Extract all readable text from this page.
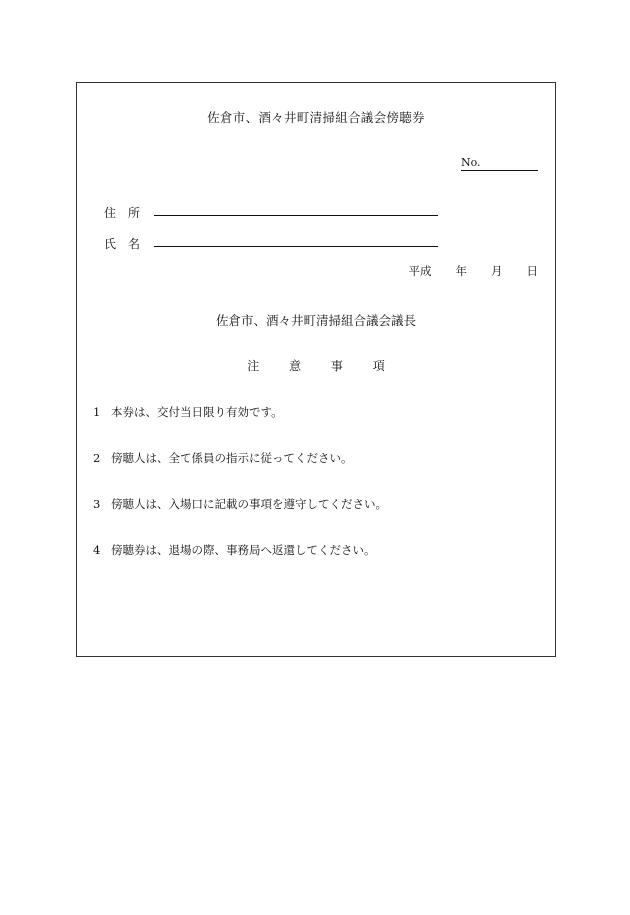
佐倉市、酒々井町清掃組合議会傍聴券
No.
住所
氏名
平成 年 月 日
佐倉市、酒々井町清掃組合議会議長
注 意 事 項
1 本券は、交付当日限り有効です。
2 傍聴人は、全て係員の指示に従ってください。
3 傍聴人は、入場口に記載の事項を遵守してください。
4 傍聴券は、退場の際、事務局へ返還してください。
